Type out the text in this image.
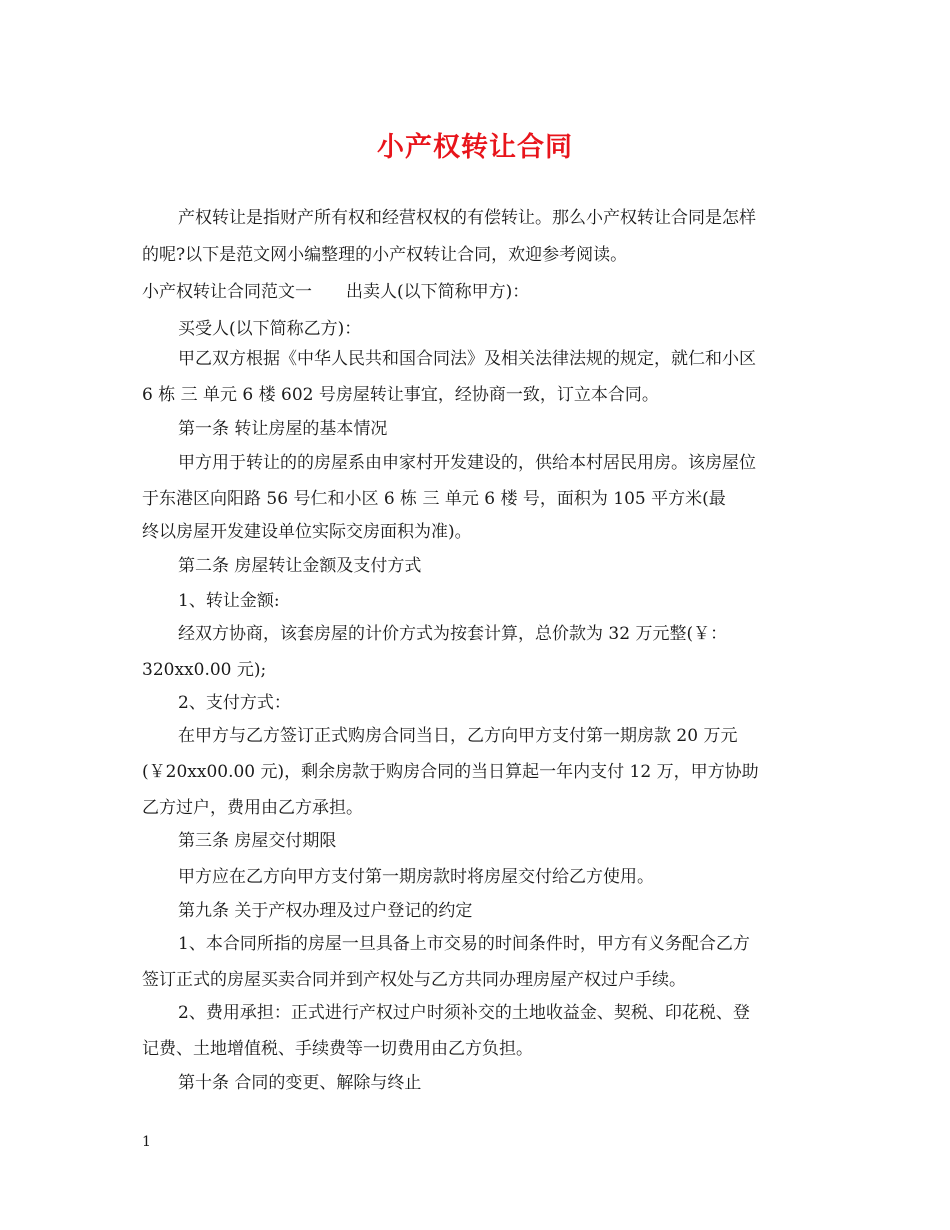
小产权转让合同
产权转让是指财产所有权和经营权权的有偿转让。那么小产权转让合同是怎样
的呢?以下是范文网小编整理的小产权转让合同，欢迎参考阅读。
小产权转让合同范文一　　出卖人(以下简称甲方)：
买受人(以下简称乙方)：
甲乙双方根据《中华人民共和国合同法》及相关法律法规的规定，就仁和小区
6 栋 三 单元 6 楼 602 号房屋转让事宜，经协商一致，订立本合同。
第一条 转让房屋的基本情况
甲方用于转让的的房屋系由申家村开发建设的，供给本村居民用房。该房屋位
于东港区向阳路 56 号仁和小区 6 栋 三 单元 6 楼 号，面积为 105 平方米(最
终以房屋开发建设单位实际交房面积为准)。
第二条 房屋转让金额及支付方式
1、转让金额:
经双方协商，该套房屋的计价方式为按套计算，总价款为 32 万元整(￥：
320xx0.00 元);
2、支付方式：
在甲方与乙方签订正式购房合同当日，乙方向甲方支付第一期房款 20 万元
(￥20xx00.00 元)，剩余房款于购房合同的当日算起一年内支付 12 万，甲方协助
乙方过户，费用由乙方承担。
第三条 房屋交付期限
甲方应在乙方向甲方支付第一期房款时将房屋交付给乙方使用。
第九条 关于产权办理及过户登记的约定
1、本合同所指的房屋一旦具备上市交易的时间条件时，甲方有义务配合乙方
签订正式的房屋买卖合同并到产权处与乙方共同办理房屋产权过户手续。
2、费用承担：正式进行产权过户时须补交的土地收益金、契税、印花税、登
记费、土地增值税、手续费等一切费用由乙方负担。
第十条 合同的变更、解除与终止
1
